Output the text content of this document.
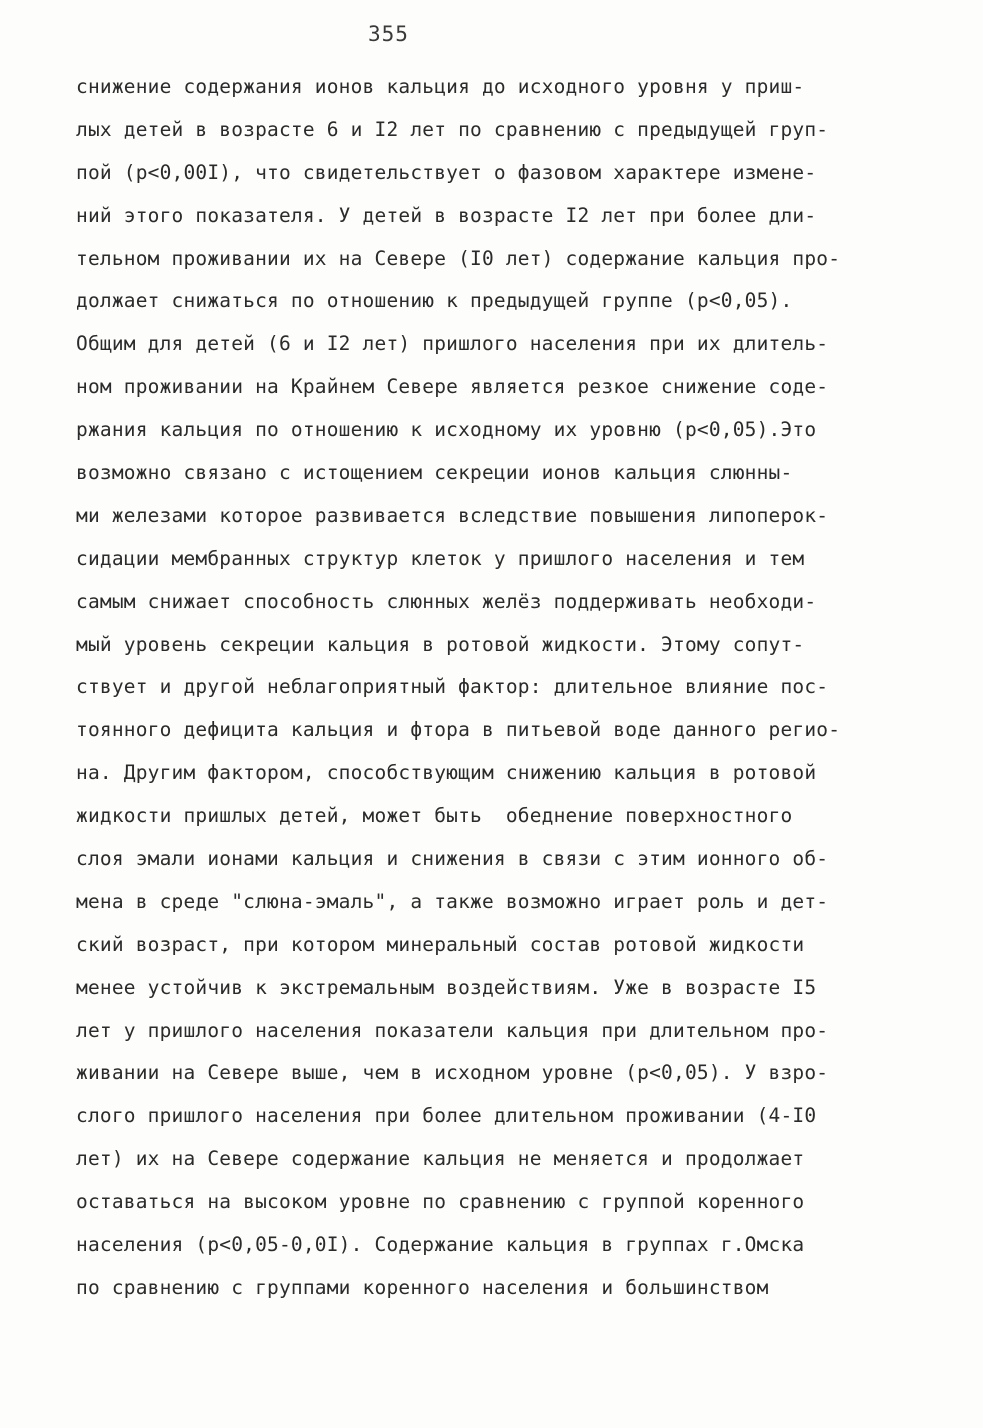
355
снижение содержания ионов кальция до исходного уровня у приш-
лых детей в возрасте 6 и I2 лет по сравнению с предыдущей груп-
пой (p<0,00I), что свидетельствует о фазовом характере измене-
ний этого показателя. У детей в возрасте I2 лет при более дли-
тельном проживании их на Севере (I0 лет) содержание кальция про-
должает снижаться по отношению к предыдущей группе (p<0,05).
Общим для детей (6 и I2 лет) пришлого населения при их длитель-
ном проживании на Крайнем Севере является резкое снижение соде-
ржания кальция по отношению к исходному их уровню (p<0,05).Это
возможно связано с истощением секреции ионов кальция слюнны-
ми железами которое развивается вследствие повышения липоперок-
сидации мембранных структур клеток у пришлого населения и тем
самым снижает способность слюнных желёз поддерживать необходи-
мый уровень секреции кальция в ротовой жидкости. Этому сопут-
ствует и другой неблагоприятный фактор: длительное влияние пос-
тоянного дефицита кальция и фтора в питьевой воде данного регио-
на. Другим фактором, способствующим снижению кальция в ротовой
жидкости пришлых детей, может быть  обеднение поверхностного
слоя эмали ионами кальция и снижения в связи с этим ионного об-
мена в среде "слюна-эмаль", а также возможно играет роль и дет-
ский возраст, при котором минеральный состав ротовой жидкости
менее устойчив к экстремальным воздействиям. Уже в возрасте I5
лет у пришлого населения показатели кальция при длительном про-
живании на Севере выше, чем в исходном уровне (p<0,05). У взро-
слого пришлого населения при более длительном проживании (4-I0
лет) их на Севере содержание кальция не меняется и продолжает
оставаться на высоком уровне по сравнению с группой коренного
населения (p<0,05-0,0I). Содержание кальция в группах г.Омска
по сравнению с группами коренного населения и большинством
